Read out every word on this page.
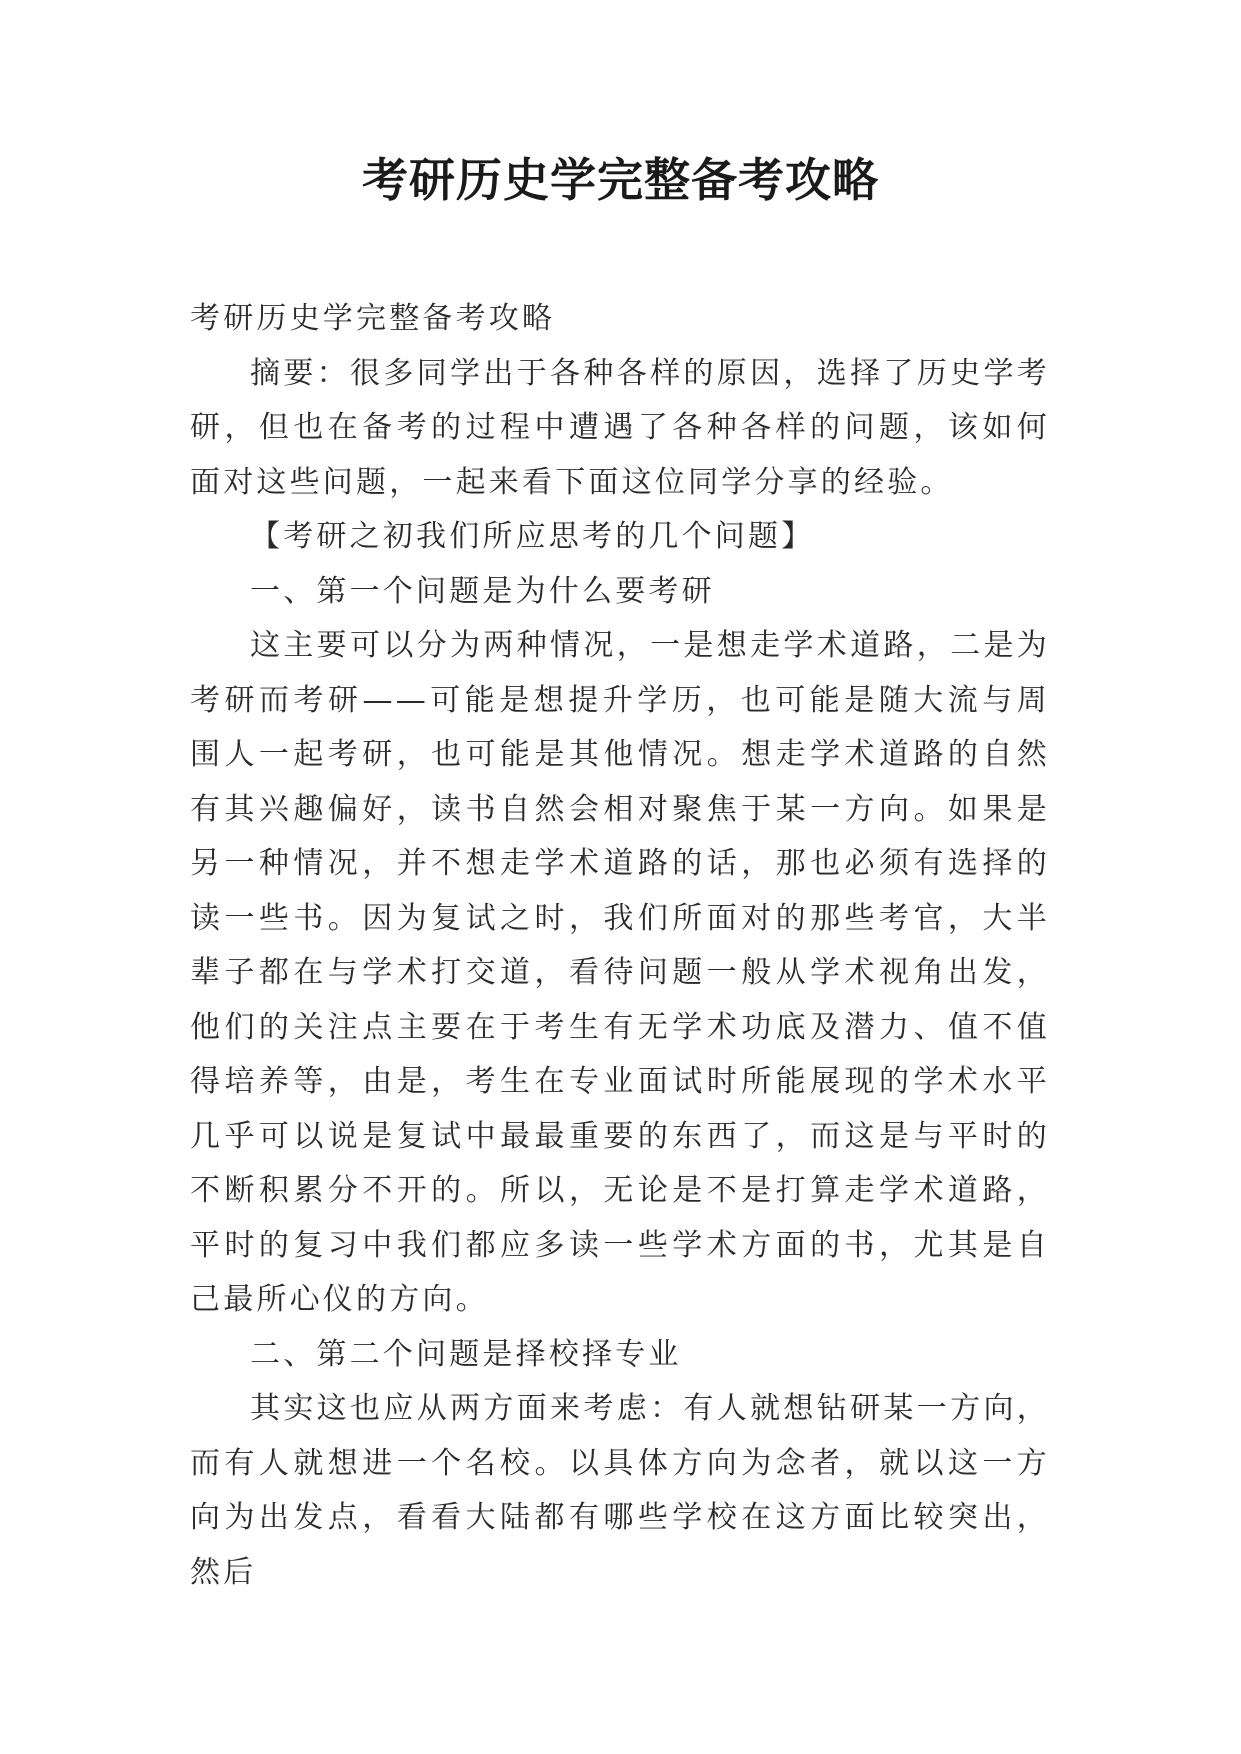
考研历史学完整备考攻略

考研历史学完整备考攻略

摘要：很多同学出于各种各样的原因，选择了历史学考研，但也在备考的过程中遭遇了各种各样的问题，该如何面对这些问题，一起来看下面这位同学分享的经验。

【考研之初我们所应思考的几个问题】

一、第一个问题是为什么要考研

这主要可以分为两种情况，一是想走学术道路，二是为考研而考研——可能是想提升学历，也可能是随大流与周围人一起考研，也可能是其他情况。想走学术道路的自然有其兴趣偏好，读书自然会相对聚焦于某一方向。如果是另一种情况，并不想走学术道路的话，那也必须有选择的读一些书。因为复试之时，我们所面对的那些考官，大半辈子都在与学术打交道，看待问题一般从学术视角出发，他们的关注点主要在于考生有无学术功底及潜力、值不值得培养等，由是，考生在专业面试时所能展现的学术水平几乎可以说是复试中最最重要的东西了，而这是与平时的不断积累分不开的。所以，无论是不是打算走学术道路，平时的复习中我们都应多读一些学术方面的书，尤其是自己最所心仪的方向。

二、第二个问题是择校择专业

其实这也应从两方面来考虑：有人就想钻研某一方向，而有人就想进一个名校。以具体方向为念者，就以这一方向为出发点，看看大陆都有哪些学校在这方面比较突出，然后
